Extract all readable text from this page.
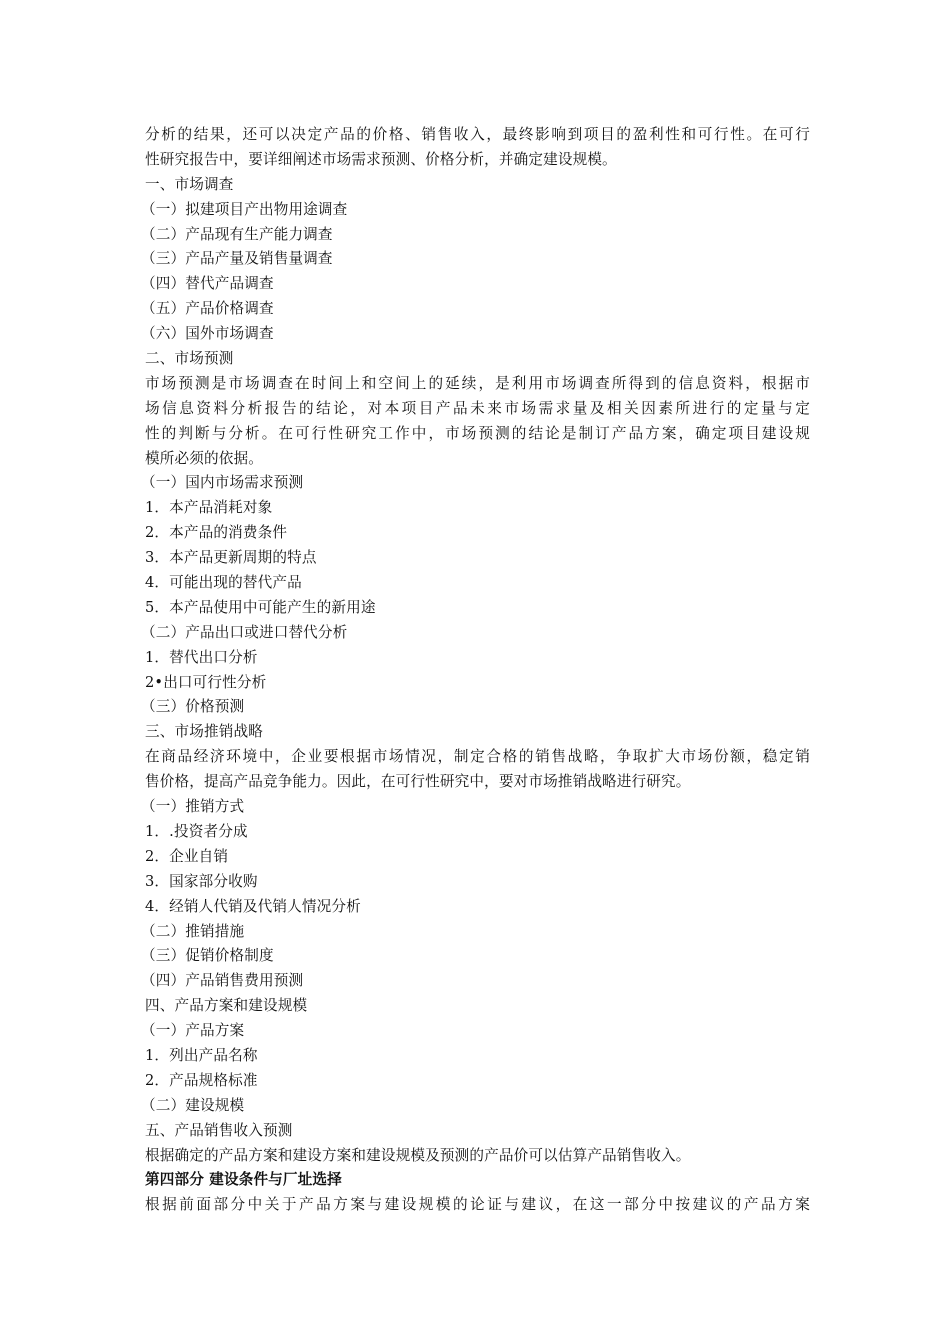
分析的结果，还可以决定产品的价格、销售收入，最终影响到项目的盈利性和可行性。在可行
性研究报告中，要详细阐述市场需求预测、价格分析，并确定建设规模。
一、市场调查
（一）拟建项目产出物用途调查
（二）产品现有生产能力调查
（三）产品产量及销售量调查
（四）替代产品调查
（五）产品价格调查
（六）国外市场调查
二、市场预测
市场预测是市场调查在时间上和空间上的延续，是利用市场调查所得到的信息资料，根据市
场信息资料分析报告的结论，对本项目产品未来市场需求量及相关因素所进行的定量与定
性的判断与分析。在可行性研究工作中，市场预测的结论是制订产品方案，确定项目建设规
模所必须的依据。
（一）国内市场需求预测
1．本产品消耗对象
2．本产品的消费条件
3．本产品更新周期的特点
4．可能出现的替代产品
5．本产品使用中可能产生的新用途
（二）产品出口或进口替代分析
1．替代出口分析
2•出口可行性分析
（三）价格预测
三、市场推销战略
在商品经济环境中，企业要根据市场情况，制定合格的销售战略，争取扩大市场份额，稳定销
售价格，提高产品竞争能力。因此，在可行性研究中，要对市场推销战略进行研究。
（一）推销方式
1．.投资者分成
2．企业自销
3．国家部分收购
4．经销人代销及代销人情况分析
（二）推销措施
（三）促销价格制度
（四）产品销售费用预测
四、产品方案和建设规模
（一）产品方案
1．列出产品名称
2．产品规格标准
（二）建设规模
五、产品销售收入预测
根据确定的产品方案和建设方案和建设规模及预测的产品价可以估算产品销售收入。
第四部分 建设条件与厂址选择
根据前面部分中关于产品方案与建设规模的论证与建议，在这一部分中按建议的产品方案
